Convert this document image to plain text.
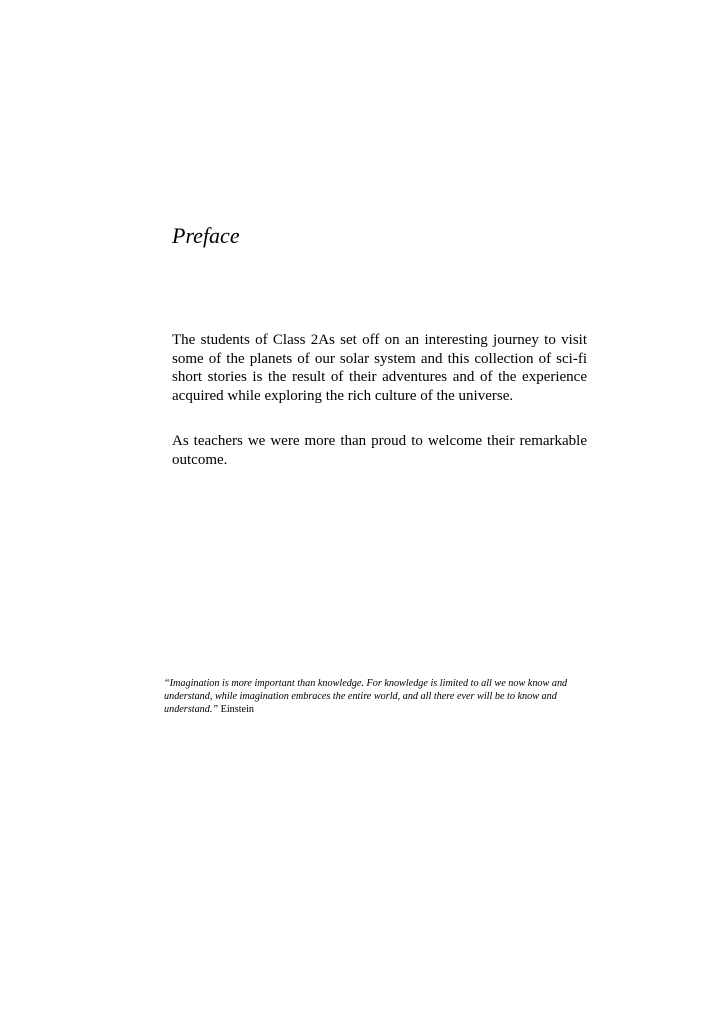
Preface

The students of Class 2As set off on an interesting journey to visit some of the planets of our solar system and this collection of sci-fi short stories is the result of their adventures and of the experience acquired while exploring the rich culture of the universe.

As teachers we were more than proud to welcome their remarkable outcome.

“Imagination is more important than knowledge. For knowledge is limited to all we now know and understand, while imagination embraces the entire world, and all there ever will be to know and understand.” Einstein
